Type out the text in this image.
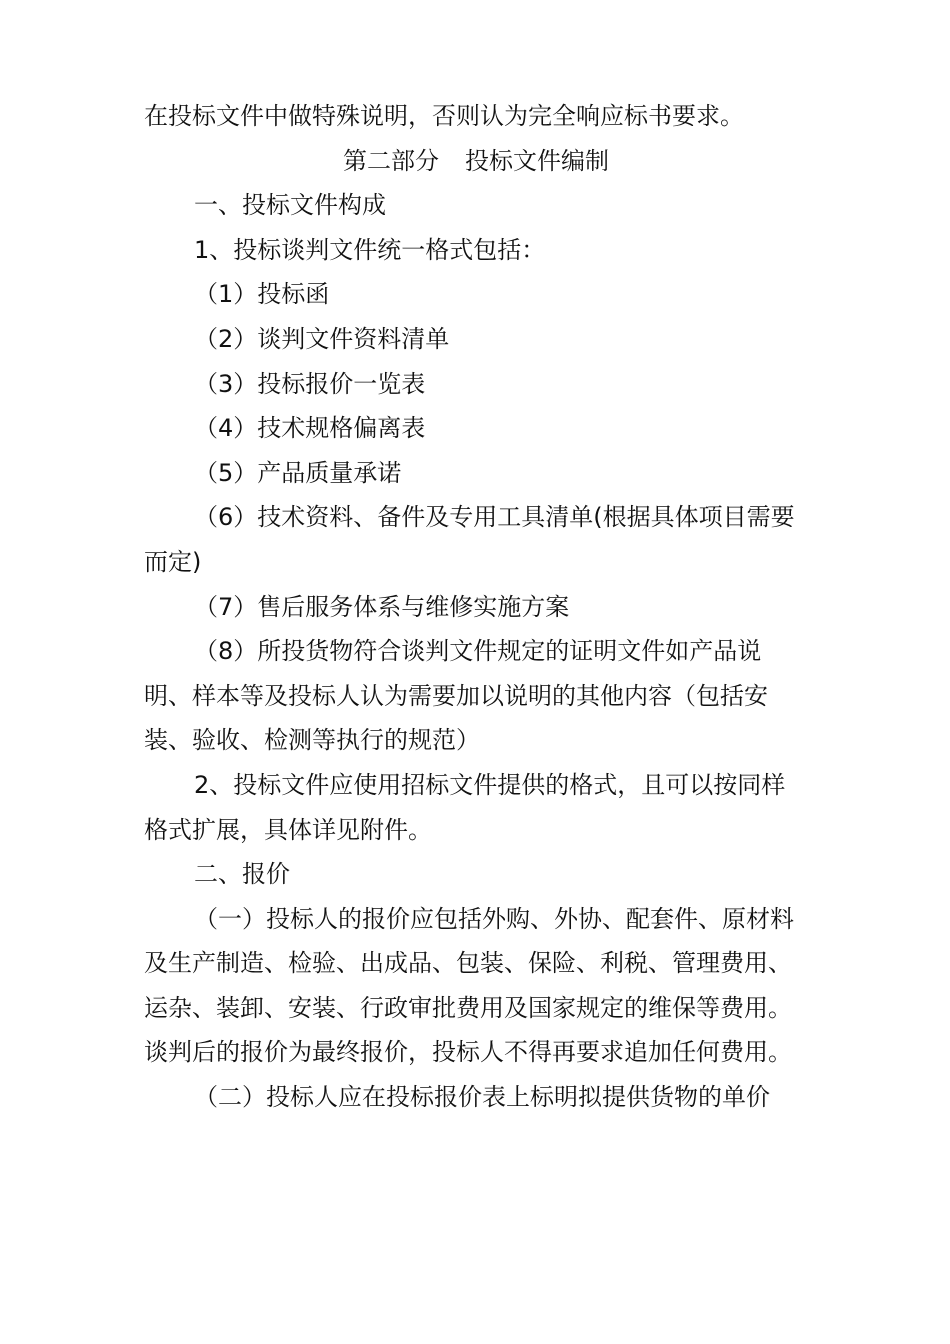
在投标文件中做特殊说明，否则认为完全响应标书要求。

第二部分 投标文件编制

一、投标文件构成

1、投标谈判文件统一格式包括：

（1）投标函

（2）谈判文件资料清单

（3）投标报价一览表

（4）技术规格偏离表

（5）产品质量承诺

（6）技术资料、备件及专用工具清单(根据具体项目需要而定)

（7）售后服务体系与维修实施方案

（8）所投货物符合谈判文件规定的证明文件如产品说明、样本等及投标人认为需要加以说明的其他内容（包括安装、验收、检测等执行的规范）

2、投标文件应使用招标文件提供的格式，且可以按同样格式扩展，具体详见附件。

二、报价

（一）投标人的报价应包括外购、外协、配套件、原材料及生产制造、检验、出成品、包装、保险、利税、管理费用、运杂、装卸、安装、行政审批费用及国家规定的维保等费用。谈判后的报价为最终报价，投标人不得再要求追加任何费用。

（二）投标人应在投标报价表上标明拟提供货物的单价
